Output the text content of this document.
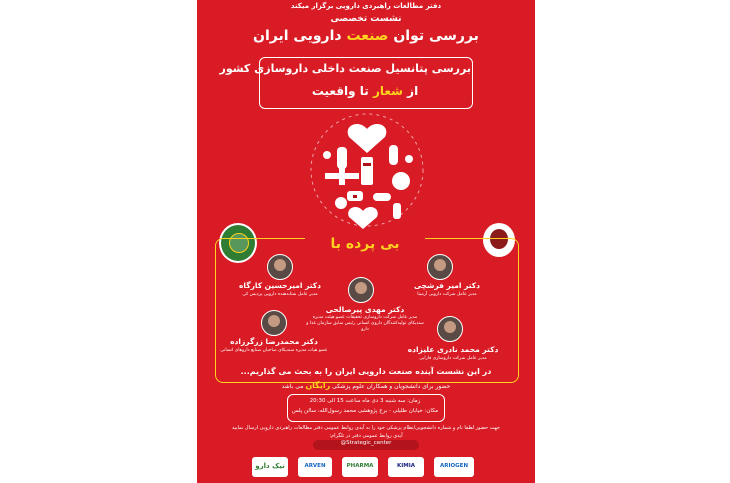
دفتر مطالعات راهبردی دارویی برگزار میکند
نشست تخصصی
بررسی توان صنعت دارویی ایران
بررسی پتانسیل صنعت داخلی داروسازی کشور
از شعار تا واقعیت
بی پرده با
دکتر امیرحسین کارگاه
مدیر عامل شتابدهنده دارویی پردیس کی
دکتر امیر فرشچی
مدیر عامل شرکت دارویی آرمیتا
دکتر مهدی پیرصالحی
مدیر عامل شرکت داروسازی تحقیقات عضو هیئت مدیره سندیکای تولیدکنندگان داروی انسانی رئیس سابق سازمان غذا و دارو
دکتر محمدرضا زرگرزاده
عضو هیات مدیره سندیکای صاحبان صنایع داروهای انسانی	دکتر محمد نادری علیزاده
مدیر عامل شرکت داروسازی فارابی
در این نشست آینده صنعت دارویی ایران را به بحث می گذاریم...
حضور برای دانشجویان و همکاران علوم پزشکی رایگان می باشد
زمان: سه شنبه 3 دی ماه ساعت 15 الی 20:30
مکان: خیابان طلیلی - برج پژوهشی محمد رسول‌الله، سالن پلس
جهت حضور لطفا نام و شماره دانشجویی/نظام پزشکی خود را به آیدی روابط عمومی دفتر مطالعات راهبردی دارویی ارسال نمایید
آیدی روابط عمومی دفتر در تلگرام:
@Strategic_center
نیک دارو	ARVEN	PHARMA	KIMIA	ARIOGEN
